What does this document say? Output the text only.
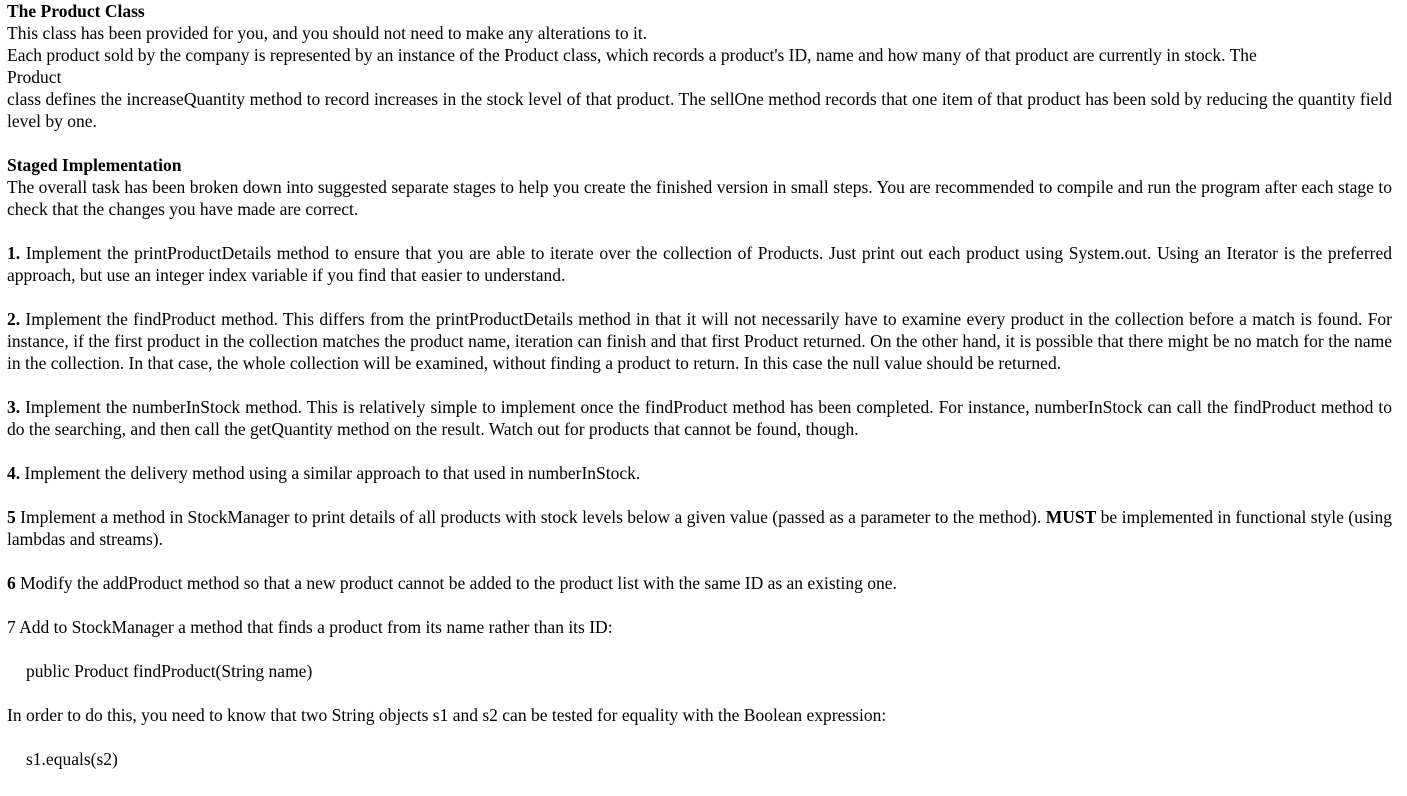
The Product Class
This class has been provided for you, and you should not need to make any alterations to it.
Each product sold by the company is represented by an instance of the Product class, which records a product's ID, name and how many of that product are currently in stock. The
Product
class defines the increaseQuantity method to record increases in the stock level of that product. The sellOne method records that one item of that product has been sold by reducing the quantity field level by one.
Staged Implementation
The overall task has been broken down into suggested separate stages to help you create the finished version in small steps. You are recommended to compile and run the program after each stage to check that the changes you have made are correct.
1. Implement the printProductDetails method to ensure that you are able to iterate over the collection of Products. Just print out each product using System.out. Using an Iterator is the preferred approach, but use an integer index variable if you find that easier to understand.
2. Implement the findProduct method. This differs from the printProductDetails method in that it will not necessarily have to examine every product in the collection before a match is found. For instance, if the first product in the collection matches the product name, iteration can finish and that first Product returned. On the other hand, it is possible that there might be no match for the name in the collection. In that case, the whole collection will be examined, without finding a product to return. In this case the null value should be returned.
3. Implement the numberInStock method. This is relatively simple to implement once the findProduct method has been completed. For instance, numberInStock can call the findProduct method to do the searching, and then call the getQuantity method on the result. Watch out for products that cannot be found, though.
4. Implement the delivery method using a similar approach to that used in numberInStock.
5 Implement a method in StockManager to print details of all products with stock levels below a given value (passed as a parameter to the method). MUST be implemented in functional style (using lambdas and streams).
6 Modify the addProduct method so that a new product cannot be added to the product list with the same ID as an existing one.
7 Add to StockManager a method that finds a product from its name rather than its ID:
public Product findProduct(String name)
In order to do this, you need to know that two String objects s1 and s2 can be tested for equality with the Boolean expression:
s1.equals(s2)
